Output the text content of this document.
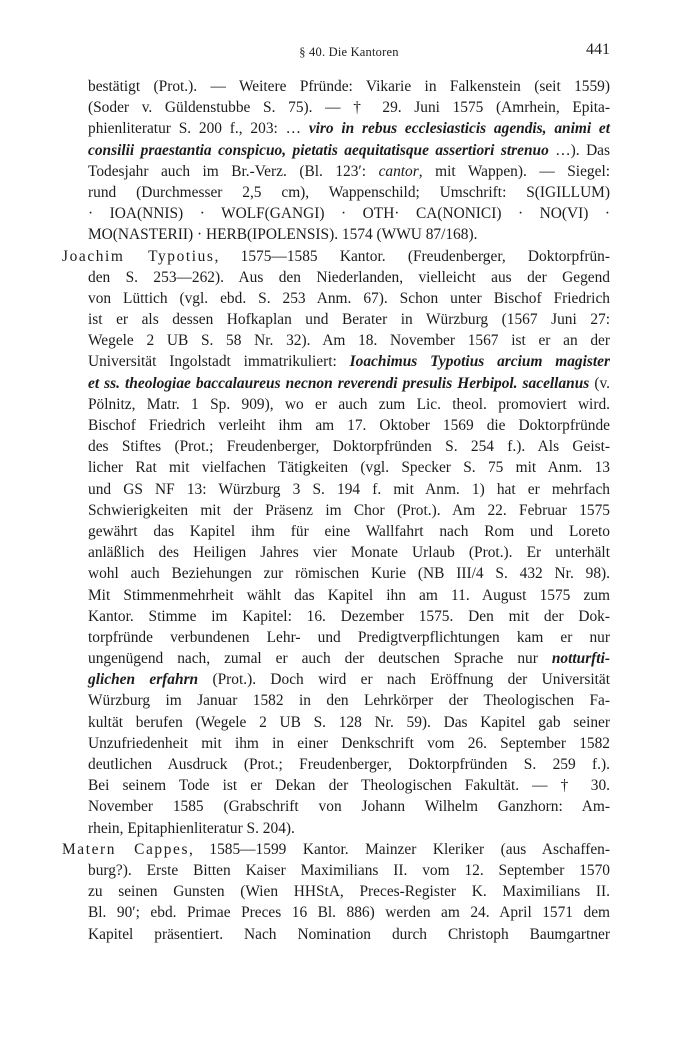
§ 40. Die Kantoren	441
bestätigt (Prot.). — Weitere Pfründe: Vikarie in Falkenstein (seit 1559)
(Soder v. Güldenstubbe S. 75). — † 29. Juni 1575 (Amrhein, Epita-
phienliteratur S. 200 f., 203: … viro in rebus ecclesiasticis agendis, animi et
consilii praestantia conspicuo, pietatis aequitatisque assertiori strenuo …). Das
Todesjahr auch im Br.-Verz. (Bl. 123′: cantor, mit Wappen). — Siegel:
rund (Durchmesser 2,5 cm), Wappenschild; Umschrift: S(IGILLUM)
· IOA(NNIS) · WOLF(GANGI) · OTH· CA(NONICI) · NO(VI) ·
MO(NASTERII) · HERB(IPOLENSIS). 1574 (WWU 87/168).
Joachim Typotius, 1575—1585 Kantor. (Freudenberger, Doktorpfrün-
den S. 253—262). Aus den Niederlanden, vielleicht aus der Gegend
von Lüttich (vgl. ebd. S. 253 Anm. 67). Schon unter Bischof Friedrich
ist er als dessen Hofkaplan und Berater in Würzburg (1567 Juni 27:
Wegele 2 UB S. 58 Nr. 32). Am 18. November 1567 ist er an der
Universität Ingolstadt immatrikuliert: Ioachimus Typotius arcium magister
et ss. theologiae baccalaureus necnon reverendi presulis Herbipol. sacellanus (v.
Pölnitz, Matr. 1 Sp. 909), wo er auch zum Lic. theol. promoviert wird.
Bischof Friedrich verleiht ihm am 17. Oktober 1569 die Doktorpfründe
des Stiftes (Prot.; Freudenberger, Doktorpfründen S. 254 f.). Als Geist-
licher Rat mit vielfachen Tätigkeiten (vgl. Specker S. 75 mit Anm. 13
und GS NF 13: Würzburg 3 S. 194 f. mit Anm. 1) hat er mehrfach
Schwierigkeiten mit der Präsenz im Chor (Prot.). Am 22. Februar 1575
gewährt das Kapitel ihm für eine Wallfahrt nach Rom und Loreto
anläßlich des Heiligen Jahres vier Monate Urlaub (Prot.). Er unterhält
wohl auch Beziehungen zur römischen Kurie (NB III/4 S. 432 Nr. 98).
Mit Stimmenmehrheit wählt das Kapitel ihn am 11. August 1575 zum
Kantor. Stimme im Kapitel: 16. Dezember 1575. Den mit der Dok-
torpfründe verbundenen Lehr- und Predigtverpflichtungen kam er nur
ungenügend nach, zumal er auch der deutschen Sprache nur notturfti-
glichen erfahrn (Prot.). Doch wird er nach Eröffnung der Universität
Würzburg im Januar 1582 in den Lehrkörper der Theologischen Fa-
kultät berufen (Wegele 2 UB S. 128 Nr. 59). Das Kapitel gab seiner
Unzufriedenheit mit ihm in einer Denkschrift vom 26. September 1582
deutlichen Ausdruck (Prot.; Freudenberger, Doktorpfründen S. 259 f.).
Bei seinem Tode ist er Dekan der Theologischen Fakultät. — † 30.
November 1585 (Grabschrift von Johann Wilhelm Ganzhorn: Am-
rhein, Epitaphienliteratur S. 204).
Matern Cappes, 1585—1599 Kantor. Mainzer Kleriker (aus Aschaffen-
burg?). Erste Bitten Kaiser Maximilians II. vom 12. September 1570
zu seinen Gunsten (Wien HHStA, Preces-Register K. Maximilians II.
Bl. 90′; ebd. Primae Preces 16 Bl. 886) werden am 24. April 1571 dem
Kapitel präsentiert. Nach Nomination durch Christoph Baumgartner
